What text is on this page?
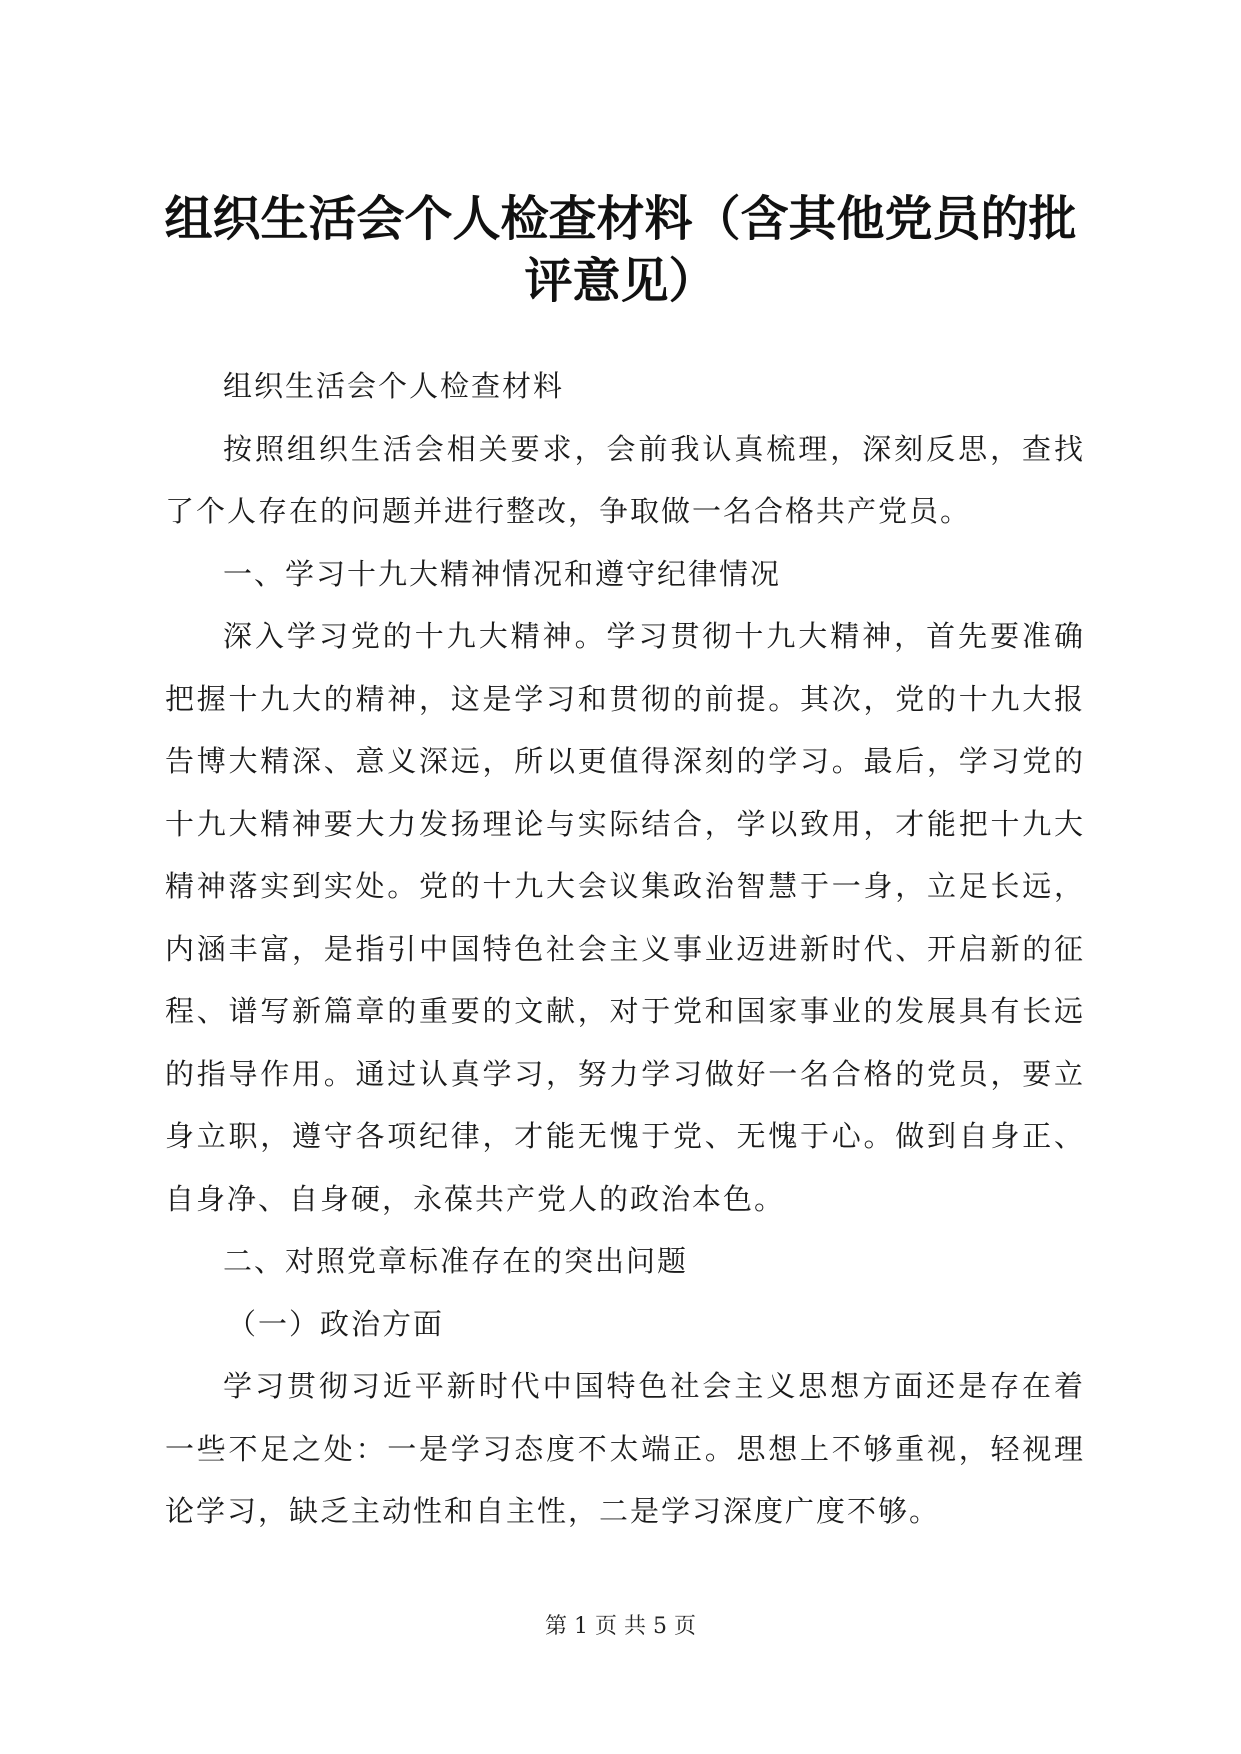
组织生活会个人检查材料（含其他党员的批评意见）

组织生活会个人检查材料

按照组织生活会相关要求，会前我认真梳理，深刻反思，查找了个人存在的问题并进行整改，争取做一名合格共产党员。

一、学习十九大精神情况和遵守纪律情况

深入学习党的十九大精神。学习贯彻十九大精神，首先要准确把握十九大的精神，这是学习和贯彻的前提。其次，党的十九大报告博大精深、意义深远，所以更值得深刻的学习。最后，学习党的十九大精神要大力发扬理论与实际结合，学以致用，才能把十九大精神落实到实处。党的十九大会议集政治智慧于一身，立足长远，内涵丰富，是指引中国特色社会主义事业迈进新时代、开启新的征程、谱写新篇章的重要的文献，对于党和国家事业的发展具有长远的指导作用。通过认真学习，努力学习做好一名合格的党员，要立身立职，遵守各项纪律，才能无愧于党、无愧于心。做到自身正、自身净、自身硬，永葆共产党人的政治本色。

二、对照党章标准存在的突出问题

（一）政治方面

学习贯彻习近平新时代中国特色社会主义思想方面还是存在着一些不足之处：一是学习态度不太端正。思想上不够重视，轻视理论学习，缺乏主动性和自主性，二是学习深度广度不够。

第 1 页 共 5 页
